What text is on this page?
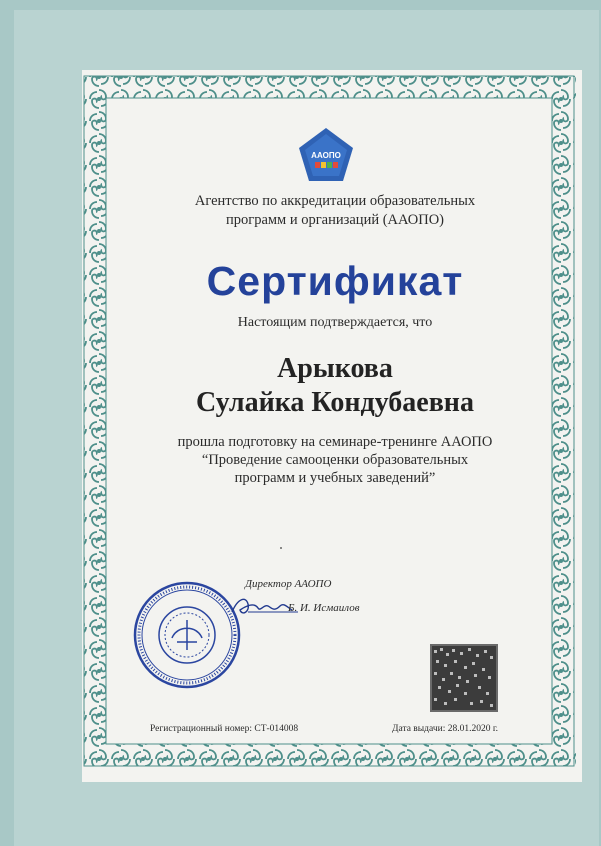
ААОПО
Агентство по аккредитации образовательных
программ и организаций (ААОПО)
Сертификат
Настоящим подтверждается, что
Арыкова
Сулайка Кондубаевна
прошла подготовку на семинаре-тренинге ААОПО
“Проведение самооценки образовательных
программ и учебных заведений”
Директор ААОПО
Б. И. Исмаилов
Регистрационный номер: СТ-014008	Дата выдачи: 28.01.2020 г.
